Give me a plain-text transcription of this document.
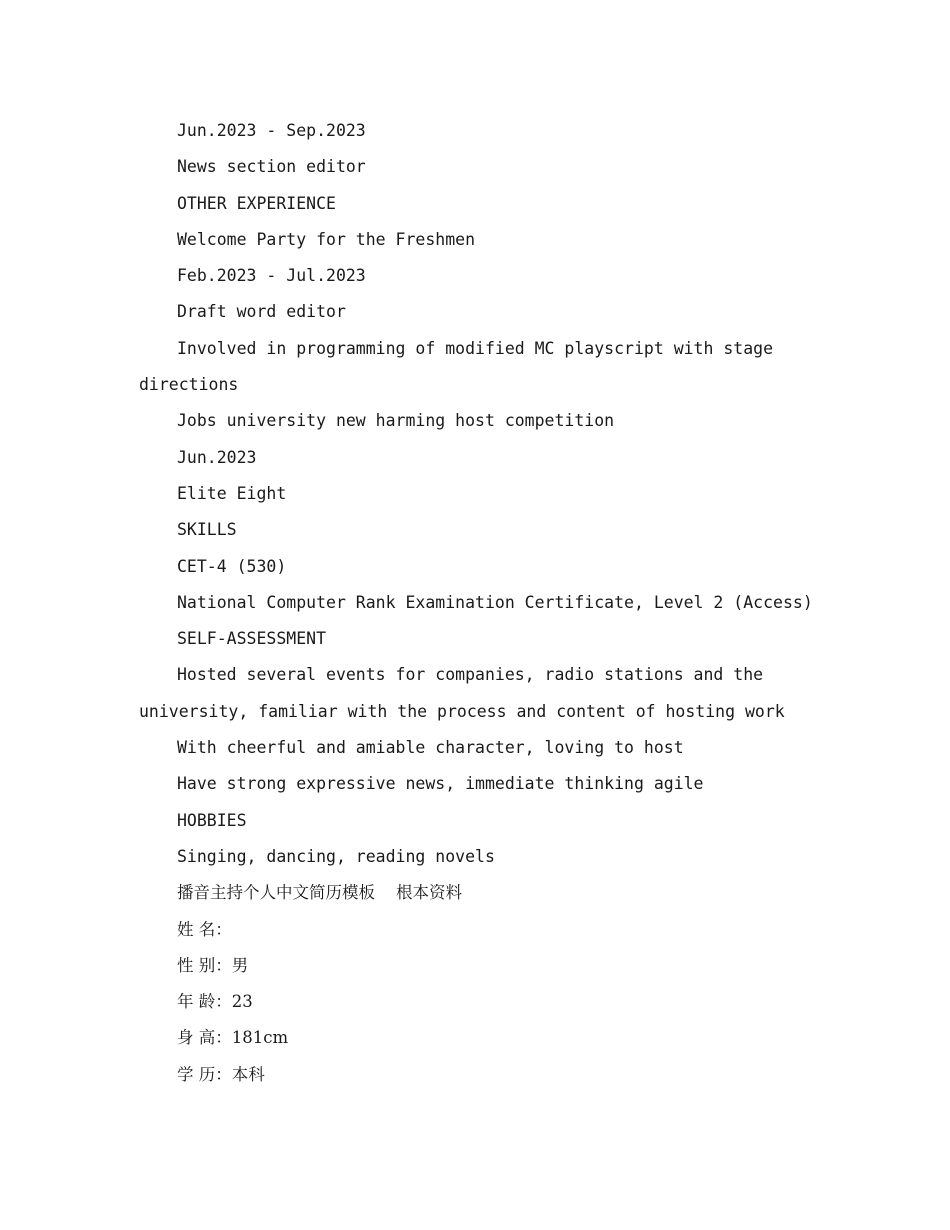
Jun.2023 - Sep.2023
News section editor
OTHER EXPERIENCE
Welcome Party for the Freshmen
Feb.2023 - Jul.2023
Draft word editor
Involved in programming of modified MC playscript with stage
directions
Jobs university new harming host competition
Jun.2023
Elite Eight
SKILLS
CET-4 (530)
National Computer Rank Examination Certificate, Level 2 (Access)
SELF-ASSESSMENT
Hosted several events for companies, radio stations and the
university, familiar with the process and content of hosting work
With cheerful and amiable character, loving to host
Have strong expressive news, immediate thinking agile
HOBBIES
Singing, dancing, reading novels
播音主持个人中文简历模板    根本资料
姓 名：
性 别：男
年 龄：23
身 高：181cm
学 历：本科
